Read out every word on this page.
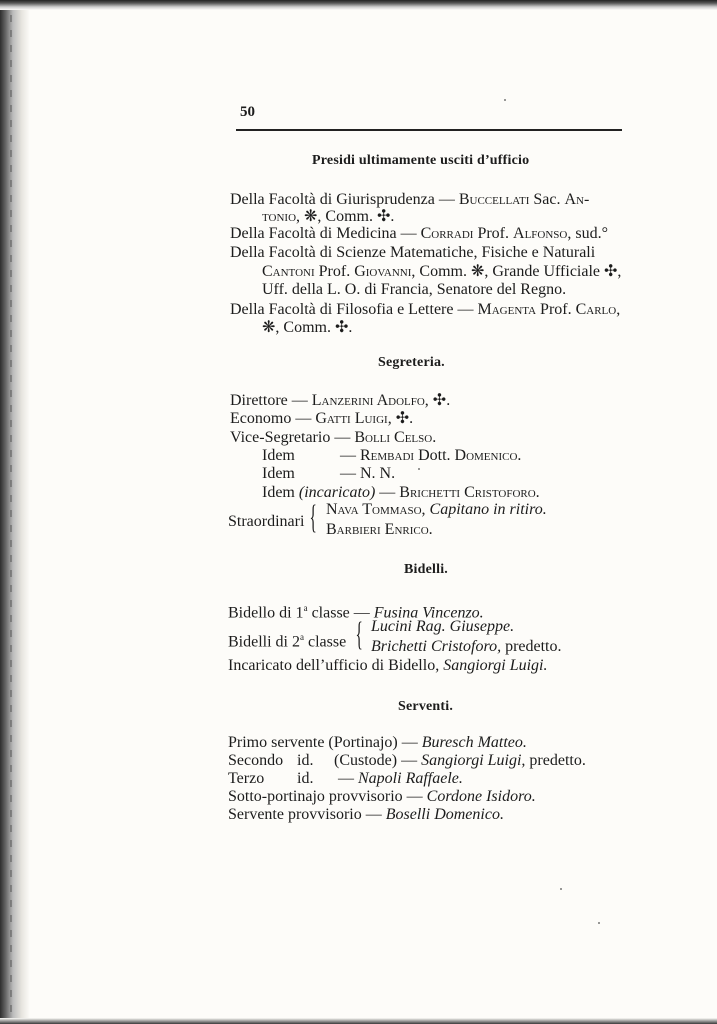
50
Presidi ultimamente usciti d’ufficio
Della Facoltà di Giurisprudenza — Buccellati Sac. An-
tonio, ❋, Comm. ✣.
Della Facoltà di Medicina — Corradi Prof. Alfonso, sud.°
Della Facoltà di Scienze Matematiche, Fisiche e Naturali
Cantoni Prof. Giovanni, Comm. ❋, Grande Ufficiale ✣,
Uff. della L. O. di Francia, Senatore del Regno.
Della Facoltà di Filosofia e Lettere — Magenta Prof. Carlo,
❋, Comm. ✣.
Segreteria.
Direttore — Lanzerini Adolfo, ✣.
Economo — Gatti Luigi, ✣.
Vice-Segretario — Bolli Celso.
Idem	— Rembadi Dott. Domenico.
Idem	— N. N.
Idem (incaricato) — Brichetti Cristoforo.
Straordinari { Nava Tommaso, Capitano in ritiro.
Barbieri Enrico.
Bidelli.
Bidello di 1$^a$ classe — Fusina Vincenzo.
Bidelli di 2$^a$ classe { Lucini Rag. Giuseppe.
Brichetti Cristoforo, predetto.
Incaricato dell’ufficio di Bidello, Sangiorgi Luigi.
Serventi.
Primo servente (Portinajo) — Buresch Matteo.
Secondo id. (Custode) — Sangiorgi Luigi, predetto.
Terzo id. — Napoli Raffaele.
Sotto-portinajo provvisorio — Cordone Isidoro.
Servente provvisorio — Boselli Domenico.
